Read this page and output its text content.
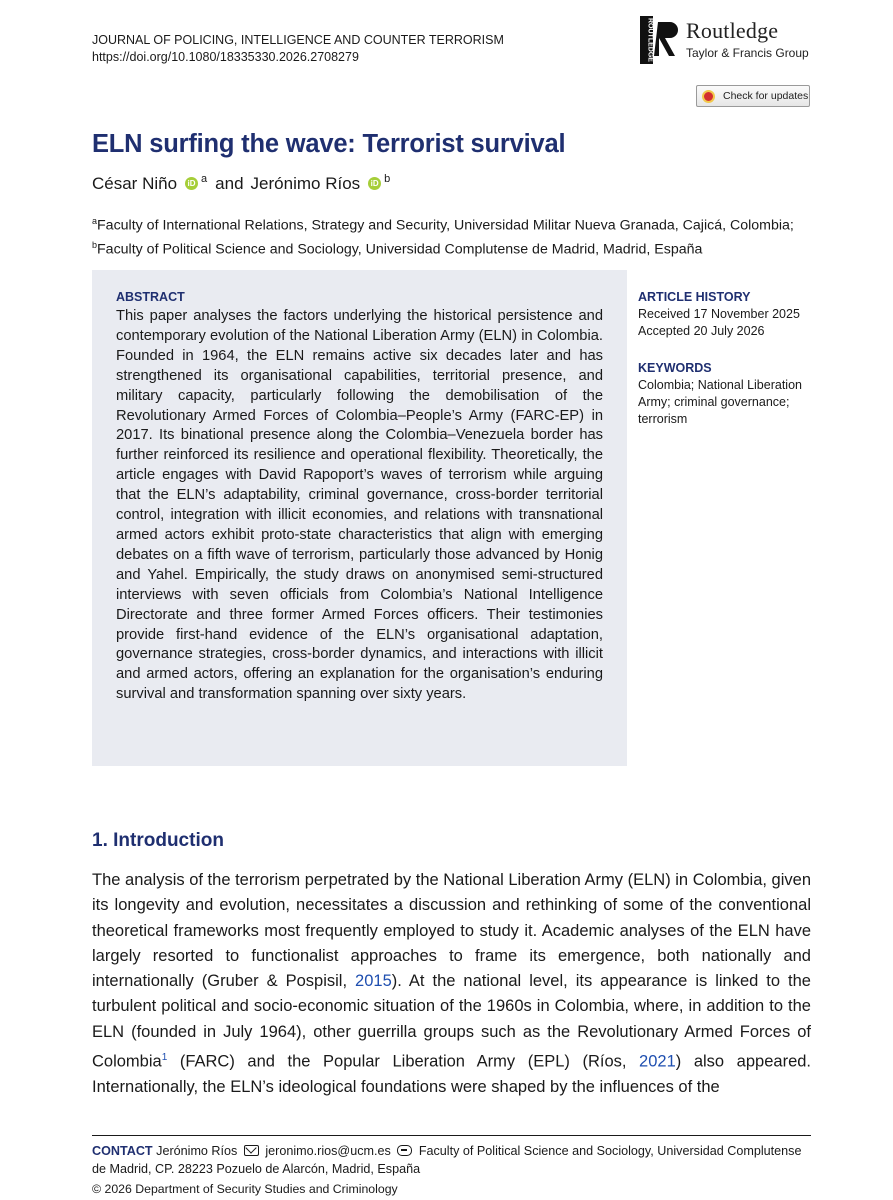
JOURNAL OF POLICING, INTELLIGENCE AND COUNTER TERRORISM
https://doi.org/10.1080/18335330.2026.2708279	ROUTLEDGE Routledge
Taylor & Francis Group
Check for updates
ELN surfing the wave: Terrorist survival
César Niño	iD a and Jerónimo Ríos	iD b
$^a$Faculty of International Relations, Strategy and Security, Universidad Militar Nueva Granada, Cajicá, Colombia; $^b$Faculty of Political Science and Sociology, Universidad Complutense de Madrid, Madrid, España
ABSTRACT
This paper analyses the factors underlying the historical persistence and contemporary evolution of the National Liberation Army (ELN) in Colombia. Founded in 1964, the ELN remains active six decades later and has strengthened its organisational capabilities, territorial presence, and military capacity, particularly following the demobilisation of the Revolutionary Armed Forces of Colombia–People’s Army (FARC-EP) in 2017. Its binational presence along the Colombia–Venezuela border has further reinforced its resilience and operational flexibility. Theoretically, the article engages with David Rapoport’s waves of terrorism while arguing that the ELN’s adaptability, criminal governance, cross-border territorial control, integration with illicit economies, and relations with transnational armed actors exhibit proto-state characteristics that align with emerging debates on a fifth wave of terrorism, particularly those advanced by Honig and Yahel. Empirically, the study draws on anonymised semi-structured interviews with seven officials from Colombia’s National Intelligence Directorate and three former Armed Forces officers. Their testimonies provide first-hand evidence of the ELN’s organisational adaptation, governance strategies, cross-border dynamics, and interactions with illicit and armed actors, offering an explanation for the organisation’s enduring survival and transformation spanning over sixty years.
ARTICLE HISTORY
Received 17 November 2025
Accepted 20 July 2026
KEYWORDS
Colombia; National Liberation Army; criminal governance; terrorism
1. Introduction

The analysis of the terrorism perpetrated by the National Liberation Army (ELN) in Colombia, given its longevity and evolution, necessitates a discussion and rethinking of some of the conventional theoretical frameworks most frequently employed to study it. Academic analyses of the ELN have largely resorted to functionalist approaches to frame its emergence, both nationally and internationally (Gruber & Pospisil, 2015). At the national level, its appearance is linked to the turbulent political and socio-economic situation of the 1960s in Colombia, where, in addition to the ELN (founded in July 1964), other guerrilla groups such as the Revolutionary Armed Forces of Colombia$^1$ (FARC) and the Popular Liberation Army (EPL) (Ríos, 2021) also appeared. Internationally, the ELN’s ideological foundations were shaped by the influences of the

CONTACT Jerónimo Ríos jeronimo.rios@ucm.es Faculty of Political Science and Sociology, Universidad Complutense de Madrid, CP. 28223 Pozuelo de Alarcón, Madrid, España
© 2026 Department of Security Studies and Criminology
